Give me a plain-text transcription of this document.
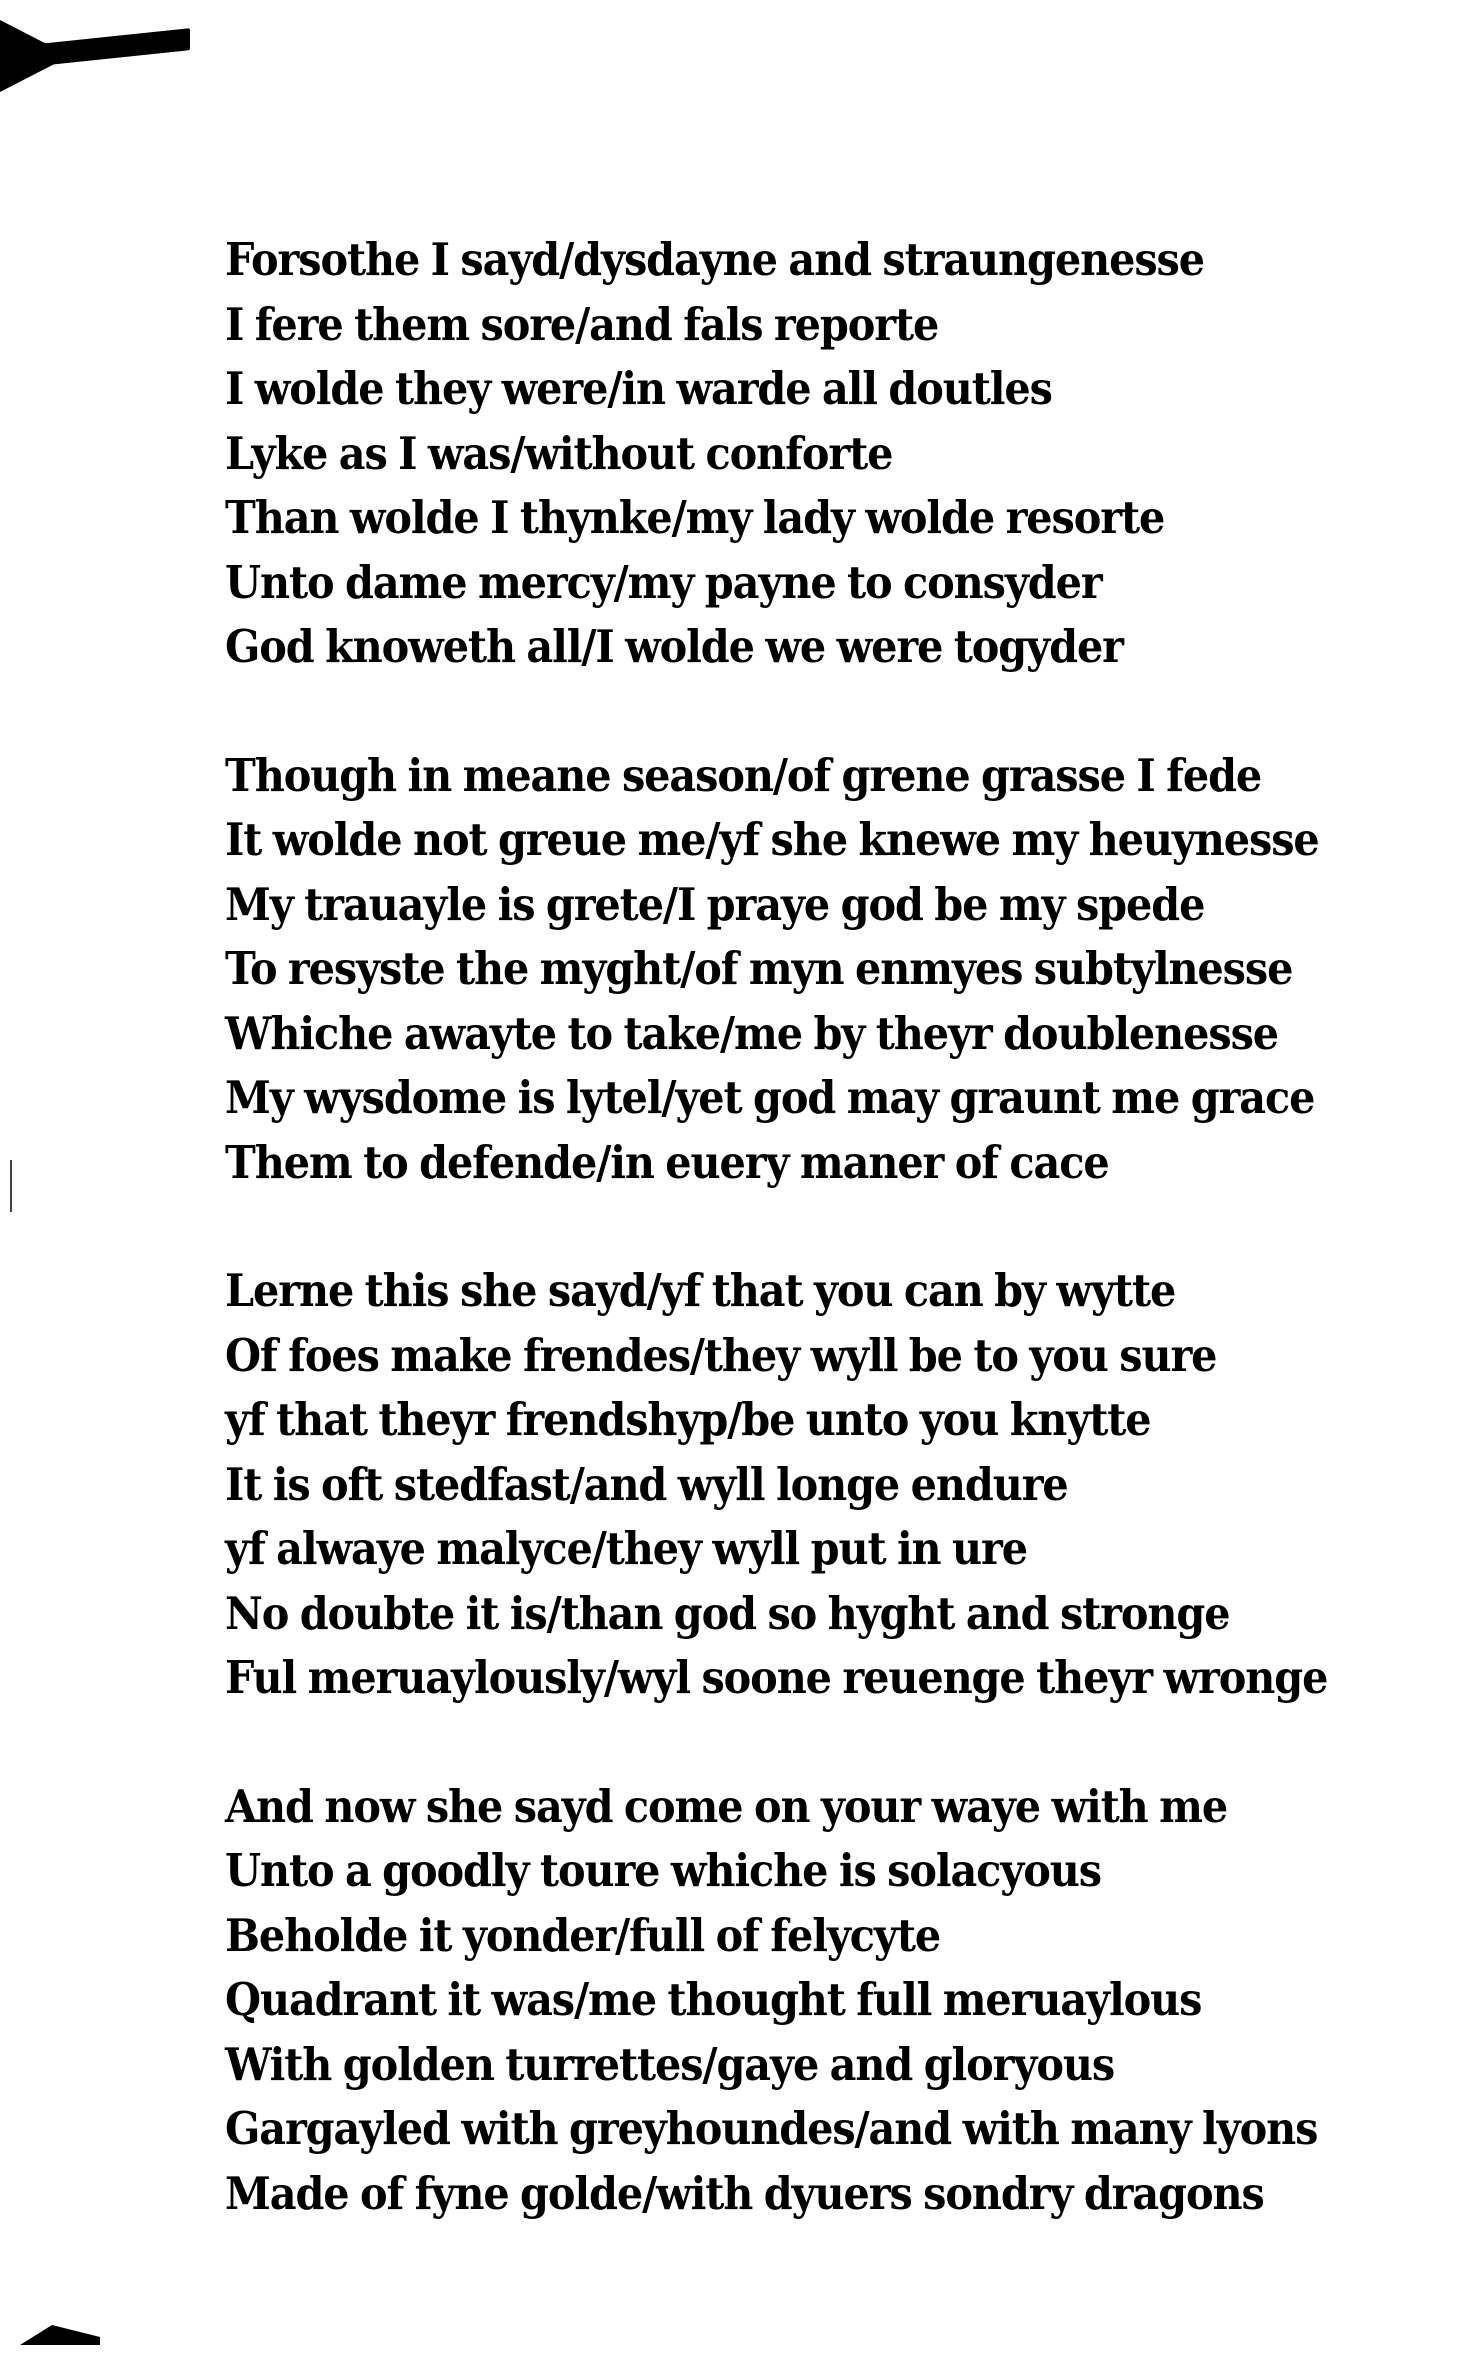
Forsothe I sayd/dysdayne and straungenesse
I fere them sore/and fals reporte
I wolde they were/in warde all doutles
Lyke as I was/without conforte
Than wolde I thynke/my lady wolde resorte
Unto dame mercy/my payne to consyder
God knoweth all/I wolde we were togyder
Though in meane season/of grene grasse I fede
It wolde not greue me/yf she knewe my heuynesse
My trauayle is grete/I praye god be my spede
To resyste the myght/of myn enmyes subtylnesse
Whiche awayte to take/me by theyr doublenesse
My wysdome is lytel/yet god may graunt me grace
Them to defende/in euery maner of cace
Lerne this she sayd/yf that you can by wytte
Of foes make frendes/they wyll be to you sure
yf that theyr frendshyp/be unto you knytte
It is oft stedfast/and wyll longe endure
yf alwaye malyce/they wyll put in ure
No doubte it is/than god so hyght and stronge
Ful meruaylously/wyl soone reuenge theyr wronge
And now she sayd come on your waye with me
Unto a goodly toure whiche is solacyous
Beholde it yonder/full of felycyte
Quadrant it was/me thought full meruaylous
With golden turrettes/gaye and gloryous
Gargayled with greyhoundes/and with many lyons
Made of fyne golde/with dyuers sondry dragons
